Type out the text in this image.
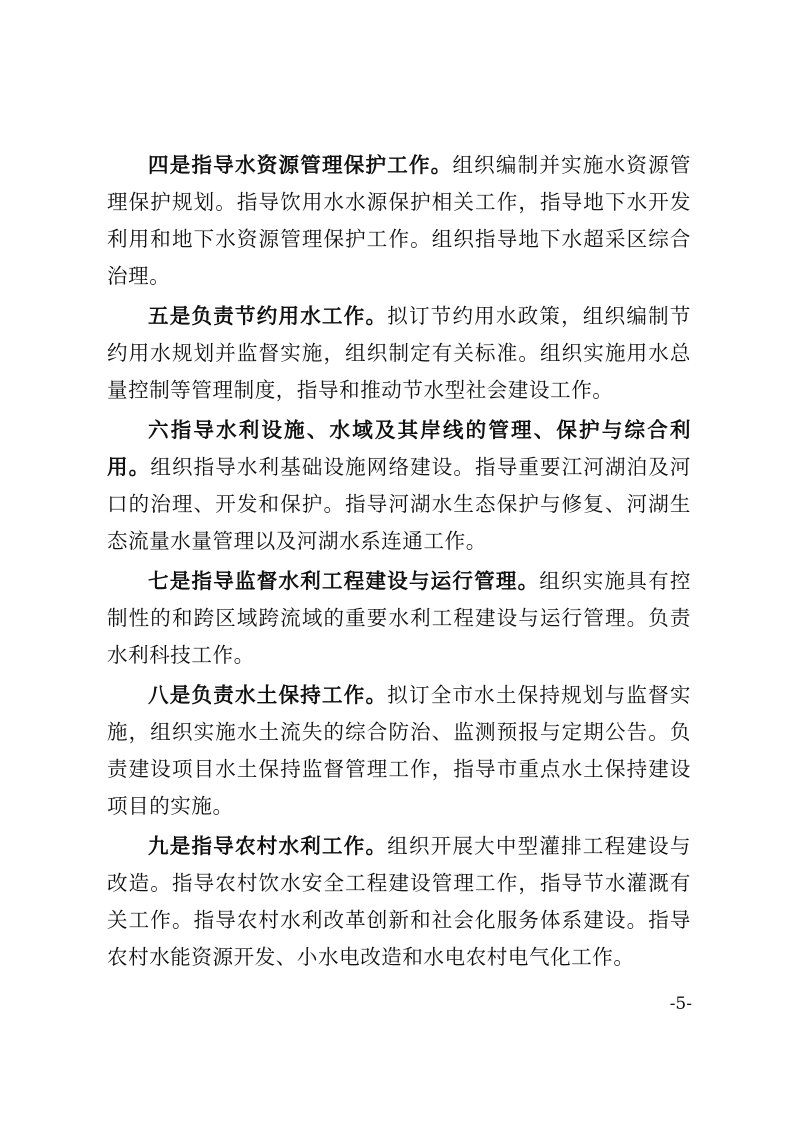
四是指导水资源管理保护工作。组织编制并实施水资源管理保护规划。指导饮用水水源保护相关工作，指导地下水开发利用和地下水资源管理保护工作。组织指导地下水超采区综合治理。

五是负责节约用水工作。拟订节约用水政策，组织编制节约用水规划并监督实施，组织制定有关标准。组织实施用水总量控制等管理制度，指导和推动节水型社会建设工作。

六指导水利设施、水域及其岸线的管理、保护与综合利用。组织指导水利基础设施网络建设。指导重要江河湖泊及河口的治理、开发和保护。指导河湖水生态保护与修复、河湖生态流量水量管理以及河湖水系连通工作。

七是指导监督水利工程建设与运行管理。组织实施具有控制性的和跨区域跨流域的重要水利工程建设与运行管理。负责水利科技工作。

八是负责水土保持工作。拟订全市水土保持规划与监督实施，组织实施水土流失的综合防治、监测预报与定期公告。负责建设项目水土保持监督管理工作，指导市重点水土保持建设项目的实施。

九是指导农村水利工作。组织开展大中型灌排工程建设与改造。指导农村饮水安全工程建设管理工作，指导节水灌溉有关工作。指导农村水利改革创新和社会化服务体系建设。指导农村水能资源开发、小水电改造和水电农村电气化工作。

-5-
